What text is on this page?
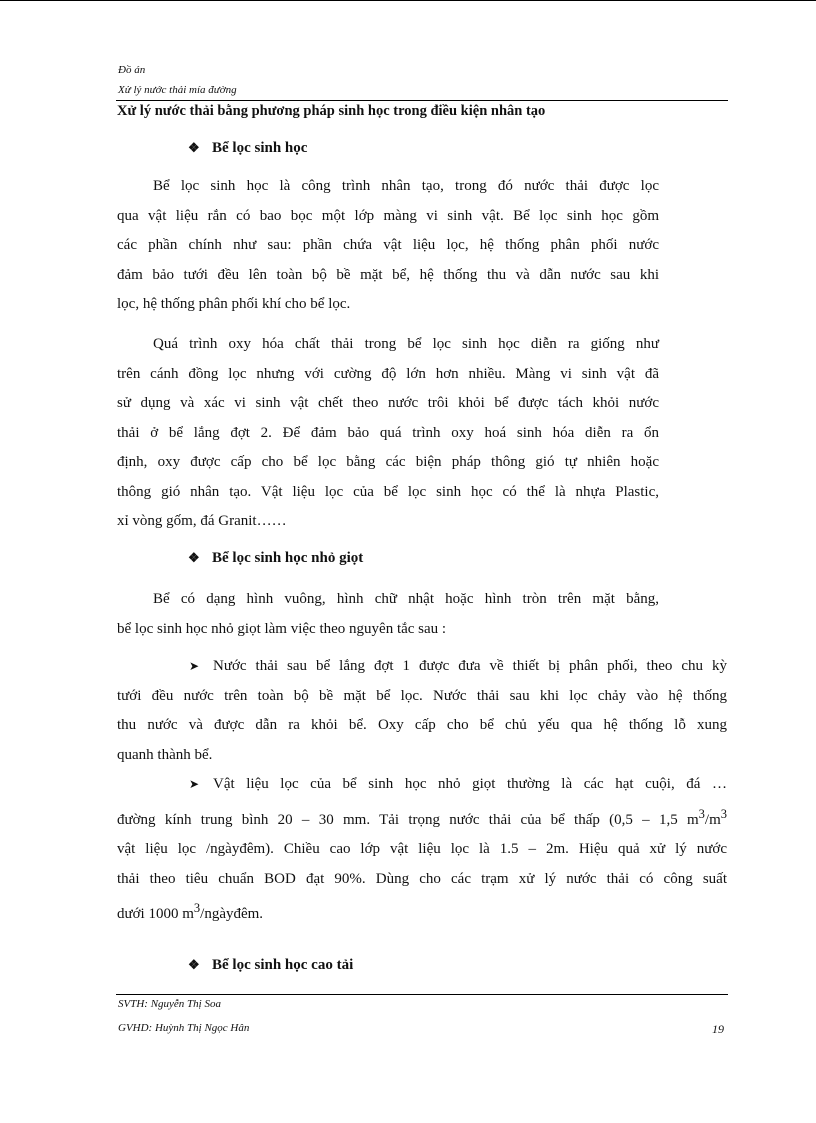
Đồ án
Xử lý nước thải mía đường
Xử lý nước thải bằng phương pháp sinh học trong điều kiện nhân tạo
❖ Bể lọc sinh học
Bể lọc sinh học là công trình nhân tạo, trong đó nước thải được lọc
qua vật liệu rắn có bao bọc một lớp màng vi sinh vật. Bể lọc sinh học gồm
các phần chính như sau: phần chứa vật liệu lọc, hệ thống phân phối nước
đảm bảo tưới đều lên toàn bộ bề mặt bể, hệ thống thu và dẫn nước sau khi
lọc, hệ thống phân phối khí cho bể lọc.
Quá trình oxy hóa chất thải trong bể lọc sinh học diễn ra giống như
trên cánh đồng lọc nhưng với cường độ lớn hơn nhiều. Màng vi sinh vật đã
sử dụng và xác vi sinh vật chết theo nước trôi khỏi bể được tách khỏi nước
thải ở bể lắng đợt 2. Để đảm bảo quá trình oxy hoá sinh hóa diễn ra ổn
định, oxy được cấp cho bể lọc bằng các biện pháp thông gió tự nhiên hoặc
thông gió nhân tạo. Vật liệu lọc của bể lọc sinh học có thể là nhựa Plastic,
xỉ vòng gốm, đá Granit……
❖ Bể lọc sinh học nhỏ giọt
Bể có dạng hình vuông, hình chữ nhật hoặc hình tròn trên mặt bằng,
bể lọc sinh học nhỏ giọt làm việc theo nguyên tắc sau :
➤ Nước thải sau bể lắng đợt 1 được đưa về thiết bị phân phối, theo chu kỳ
tưới đều nước trên toàn bộ bề mặt bể lọc. Nước thải sau khi lọc chảy vào hệ thống
thu nước và được dẫn ra khỏi bể. Oxy cấp cho bể chủ yếu qua hệ thống lỗ xung
quanh thành bể.
➤ Vật liệu lọc của bể sinh học nhỏ giọt thường là các hạt cuội, đá …
đường kính trung bình 20 – 30 mm. Tải trọng nước thải của bể thấp (0,5 – 1,5 $m^3/m^3$
vật liệu lọc /ngàyđêm). Chiều cao lớp vật liệu lọc là 1.5 – 2m. Hiệu quả xử lý nước
thải theo tiêu chuẩn BOD đạt 90%. Dùng cho các trạm xử lý nước thải có công suất
dưới 1000 $m^3$/ngàyđêm.
❖ Bể lọc sinh học cao tải
SVTH: Nguyễn Thị Soa
GVHD: Huỳnh Thị Ngọc Hân	19
